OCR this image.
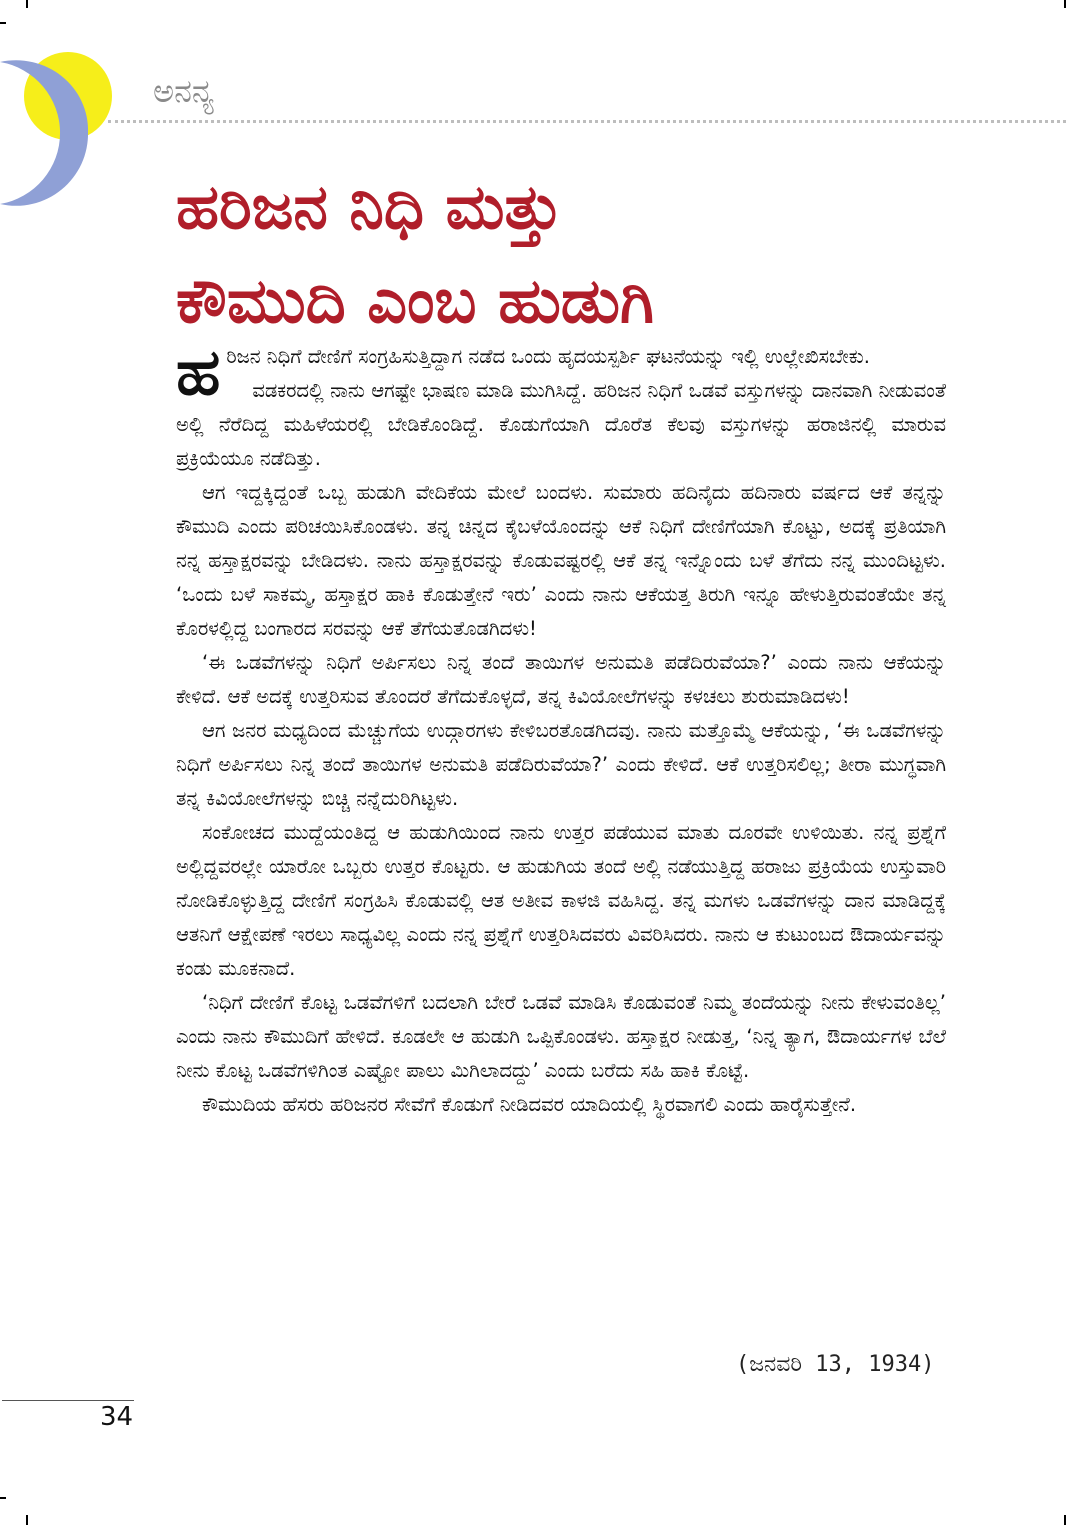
ಅನನ್ಯ
ಹರಿಜನ ನಿಧಿ ಮತ್ತು
ಕೌಮುದಿ ಎಂಬ ಹುಡುಗಿ

ಹರಿಜನ ನಿಧಿಗೆ ದೇಣಿಗೆ ಸಂಗ್ರಹಿಸುತ್ತಿದ್ದಾಗ ನಡೆದ ಒಂದು ಹೃದಯಸ್ಪರ್ಶಿ ಘಟನೆಯನ್ನು ಇಲ್ಲಿ ಉಲ್ಲೇಖಿಸಬೇಕು.

ವಡಕರದಲ್ಲಿ ನಾನು ಆಗಷ್ಟೇ ಭಾಷಣ ಮಾಡಿ ಮುಗಿಸಿದ್ದೆ. ಹರಿಜನ ನಿಧಿಗೆ ಒಡವೆ ವಸ್ತುಗಳನ್ನು ದಾನವಾಗಿ ನೀಡುವಂತೆ ಅಲ್ಲಿ ನೆರೆದಿದ್ದ ಮಹಿಳೆಯರಲ್ಲಿ ಬೇಡಿಕೊಂಡಿದ್ದೆ. ಕೊಡುಗೆಯಾಗಿ ದೊರೆತ ಕೆಲವು ವಸ್ತುಗಳನ್ನು ಹರಾಜಿನಲ್ಲಿ ಮಾರುವ ಪ್ರಕ್ರಿಯೆಯೂ ನಡೆದಿತ್ತು.

ಆಗ ಇದ್ದಕ್ಕಿದ್ದಂತೆ ಒಬ್ಬ ಹುಡುಗಿ ವೇದಿಕೆಯ ಮೇಲೆ ಬಂದಳು. ಸುಮಾರು ಹದಿನೈದು ಹದಿನಾರು ವರ್ಷದ ಆಕೆ ತನ್ನನ್ನು ಕೌಮುದಿ ಎಂದು ಪರಿಚಯಿಸಿಕೊಂಡಳು. ತನ್ನ ಚಿನ್ನದ ಕೈಬಳೆಯೊಂದನ್ನು ಆಕೆ ನಿಧಿಗೆ ದೇಣಿಗೆಯಾಗಿ ಕೊಟ್ಟು, ಅದಕ್ಕೆ ಪ್ರತಿಯಾಗಿ ನನ್ನ ಹಸ್ತಾಕ್ಷರವನ್ನು ಬೇಡಿದಳು. ನಾನು ಹಸ್ತಾಕ್ಷರವನ್ನು ಕೊಡುವಷ್ಟರಲ್ಲಿ ಆಕೆ ತನ್ನ ಇನ್ನೊಂದು ಬಳೆ ತೆಗೆದು ನನ್ನ ಮುಂದಿಟ್ಟಳು. ‘ಒಂದು ಬಳೆ ಸಾಕಮ್ಮ, ಹಸ್ತಾಕ್ಷರ ಹಾಕಿ ಕೊಡುತ್ತೇನೆ ಇರು’ ಎಂದು ನಾನು ಆಕೆಯತ್ತ ತಿರುಗಿ ಇನ್ನೂ ಹೇಳುತ್ತಿರುವಂತೆಯೇ ತನ್ನ ಕೊರಳಲ್ಲಿದ್ದ ಬಂಗಾರದ ಸರವನ್ನು ಆಕೆ ತೆಗೆಯತೊಡಗಿದಳು!

‘ಈ ಒಡವೆಗಳನ್ನು ನಿಧಿಗೆ ಅರ್ಪಿಸಲು ನಿನ್ನ ತಂದೆ ತಾಯಿಗಳ ಅನುಮತಿ ಪಡೆದಿರುವೆಯಾ?’ ಎಂದು ನಾನು ಆಕೆಯನ್ನು ಕೇಳಿದೆ. ಆಕೆ ಅದಕ್ಕೆ ಉತ್ತರಿಸುವ ತೊಂದರೆ ತೆಗೆದುಕೊಳ್ಳದೆ, ತನ್ನ ಕಿವಿಯೋಲೆಗಳನ್ನು ಕಳಚಲು ಶುರುಮಾಡಿದಳು!

ಆಗ ಜನರ ಮಧ್ಯದಿಂದ ಮೆಚ್ಚುಗೆಯ ಉದ್ಗಾರಗಳು ಕೇಳಿಬರತೊಡಗಿದವು. ನಾನು ಮತ್ತೊಮ್ಮೆ ಆಕೆಯನ್ನು, ‘ಈ ಒಡವೆಗಳನ್ನು ನಿಧಿಗೆ ಅರ್ಪಿಸಲು ನಿನ್ನ ತಂದೆ ತಾಯಿಗಳ ಅನುಮತಿ ಪಡೆದಿರುವೆಯಾ?’ ಎಂದು ಕೇಳಿದೆ. ಆಕೆ ಉತ್ತರಿಸಲಿಲ್ಲ; ತೀರಾ ಮುಗ್ಧವಾಗಿ ತನ್ನ ಕಿವಿಯೋಲೆಗಳನ್ನು ಬಿಚ್ಚಿ ನನ್ನೆದುರಿಗಿಟ್ಟಳು.

ಸಂಕೋಚದ ಮುದ್ದೆಯಂತಿದ್ದ ಆ ಹುಡುಗಿಯಿಂದ ನಾನು ಉತ್ತರ ಪಡೆಯುವ ಮಾತು ದೂರವೇ ಉಳಿಯಿತು. ನನ್ನ ಪ್ರಶ್ನೆಗೆ ಅಲ್ಲಿದ್ದವರಲ್ಲೇ ಯಾರೋ ಒಬ್ಬರು ಉತ್ತರ ಕೊಟ್ಟರು. ಆ ಹುಡುಗಿಯ ತಂದೆ ಅಲ್ಲಿ ನಡೆಯುತ್ತಿದ್ದ ಹರಾಜು ಪ್ರಕ್ರಿಯೆಯ ಉಸ್ತುವಾರಿ ನೋಡಿಕೊಳ್ಳುತ್ತಿದ್ದ ದೇಣಿಗೆ ಸಂಗ್ರಹಿಸಿ ಕೊಡುವಲ್ಲಿ ಆತ ಅತೀವ ಕಾಳಜಿ ವಹಿಸಿದ್ದ. ತನ್ನ ಮಗಳು ಒಡವೆಗಳನ್ನು ದಾನ ಮಾಡಿದ್ದಕ್ಕೆ ಆತನಿಗೆ ಆಕ್ಷೇಪಣೆ ಇರಲು ಸಾಧ್ಯವಿಲ್ಲ ಎಂದು ನನ್ನ ಪ್ರಶ್ನೆಗೆ ಉತ್ತರಿಸಿದವರು ವಿವರಿಸಿದರು. ನಾನು ಆ ಕುಟುಂಬದ ಔದಾರ್ಯವನ್ನು ಕಂಡು ಮೂಕನಾದೆ.

‘ನಿಧಿಗೆ ದೇಣಿಗೆ ಕೊಟ್ಟ ಒಡವೆಗಳಿಗೆ ಬದಲಾಗಿ ಬೇರೆ ಒಡವೆ ಮಾಡಿಸಿ ಕೊಡುವಂತೆ ನಿಮ್ಮ ತಂದೆಯನ್ನು ನೀನು ಕೇಳುವಂತಿಲ್ಲ’ ಎಂದು ನಾನು ಕೌಮುದಿಗೆ ಹೇಳಿದೆ. ಕೂಡಲೇ ಆ ಹುಡುಗಿ ಒಪ್ಪಿಕೊಂಡಳು. ಹಸ್ತಾಕ್ಷರ ನೀಡುತ್ತ, ‘ನಿನ್ನ ತ್ಯಾಗ, ಔದಾರ್ಯಗಳ ಬೆಲೆ ನೀನು ಕೊಟ್ಟ ಒಡವೆಗಳಿಗಿಂತ ಎಷ್ಟೋ ಪಾಲು ಮಿಗಿಲಾದದ್ದು’ ಎಂದು ಬರೆದು ಸಹಿ ಹಾಕಿ ಕೊಟ್ಟೆ.

ಕೌಮುದಿಯ ಹೆಸರು ಹರಿಜನರ ಸೇವೆಗೆ ಕೊಡುಗೆ ನೀಡಿದವರ ಯಾದಿಯಲ್ಲಿ ಸ್ಥಿರವಾಗಲಿ ಎಂದು ಹಾರೈಸುತ್ತೇನೆ.

(ಜನವರಿ 13, 1934)
34
